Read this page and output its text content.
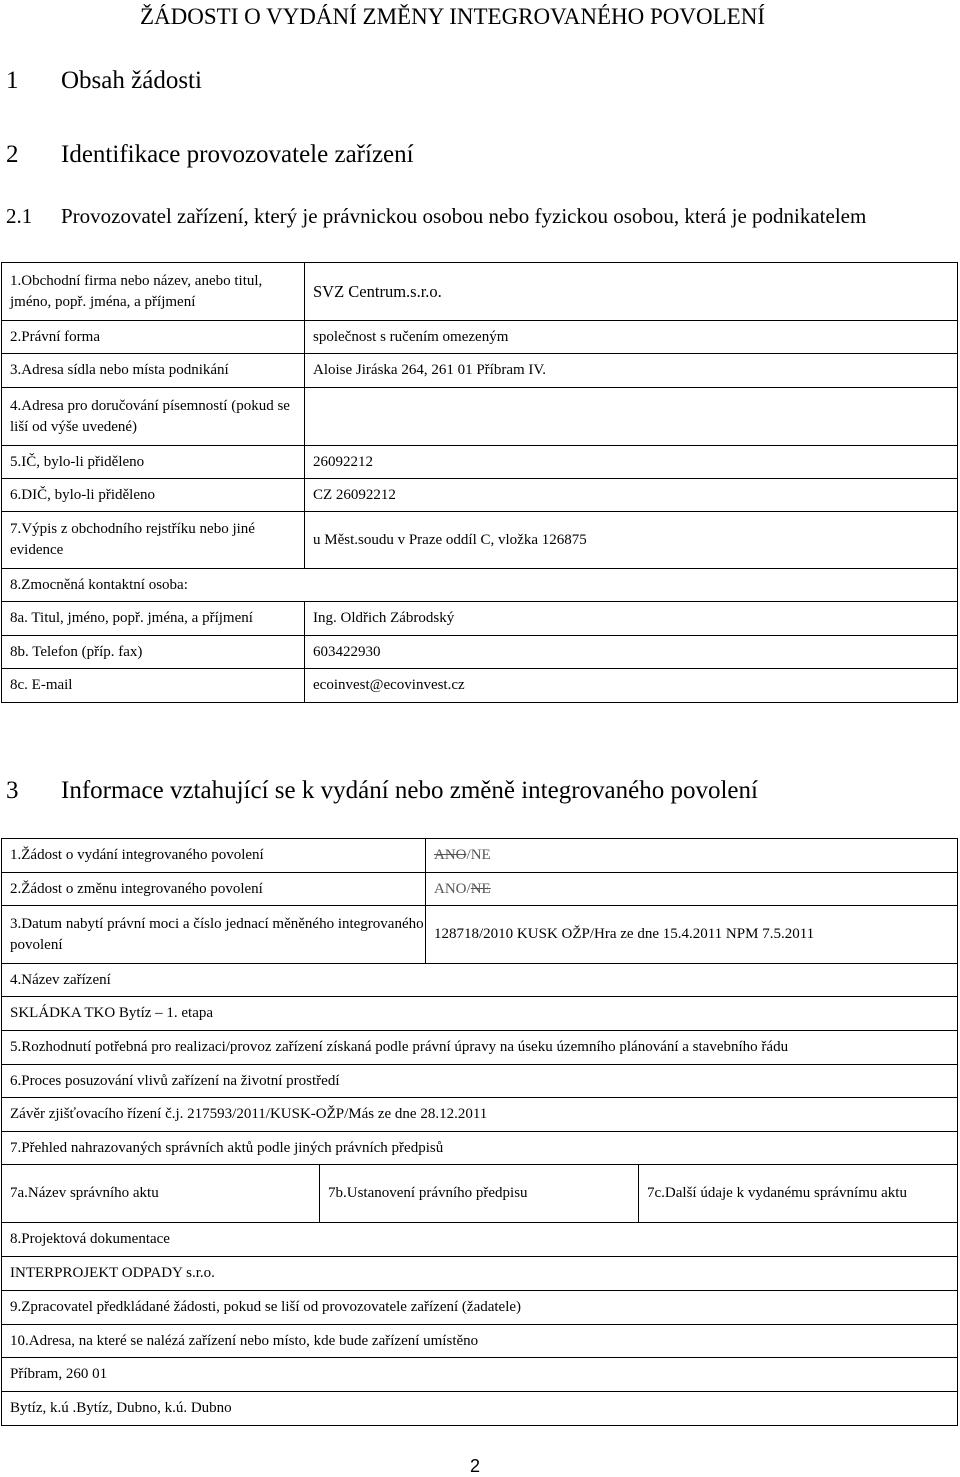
ŽÁDOSTI O VYDÁNÍ ZMĚNY INTEGROVANÉHO POVOLENÍ
1 Obsah žádosti
2 Identifikace provozovatele zařízení
2.1 Provozovatel zařízení, který je právnickou osobou nebo fyzickou osobou, která je podnikatelem
1.Obchodní firma nebo název, anebo titul, jméno, popř. jména, a příjmení	SVZ Centrum.s.r.o.
2.Právní forma	společnost s ručením omezeným
3.Adresa sídla nebo místa podnikání	Aloise Jiráska 264, 261 01 Příbram IV.
4.Adresa pro doručování písemností (pokud se liší od výše uvedené)	
5.IČ, bylo-li přiděleno	26092212
6.DIČ, bylo-li přiděleno	CZ 26092212
7.Výpis z obchodního rejstříku nebo jiné evidence	u Měst.soudu v Praze oddíl C, vložka 126875
8.Zmocněná kontaktní osoba:	
8a. Titul, jméno, popř. jména, a příjmení	Ing. Oldřich Zábrodský
8b. Telefon (příp. fax)	603422930
8c. E-mail	ecoinvest@ecovinvest.cz
3 Informace vztahující se k vydání nebo změně integrovaného povolení
1.Žádost o vydání integrovaného povolení		ANO/NE	
2.Žádost o změnu integrovaného povolení		ANO/NE	
3.Datum nabytí právní moci a číslo jednací měněného integrovaného povolení		128718/2010 KUSK OŽP/Hra ze dne 15.4.2011 NPM 7.5.2011	
4.Název zařízení			
SKLÁDKA TKO Bytíz – 1. etapa			
5.Rozhodnutí potřebná pro realizaci/provoz zařízení získaná podle právní úpravy na úseku územního plánování a stavebního řádu			
6.Proces posuzování vlivů zařízení na životní prostředí			
Závěr zjišťovacího řízení č.j. 217593/2011/KUSK-OŽP/Más ze dne 28.12.2011			
7.Přehled nahrazovaných správních aktů podle jiných právních předpisů			
7a.Název správního aktu	7b.Ustanovení právního předpisu		7c.Další údaje k vydanému správnímu aktu
8.Projektová dokumentace			
INTERPROJEKT ODPADY s.r.o.			
9.Zpracovatel předkládané žádosti, pokud se liší od provozovatele zařízení (žadatele)			
10.Adresa, na které se nalézá zařízení nebo místo, kde bude zařízení umístěno			
Příbram, 260 01			
Bytíz, k.ú .Bytíz, Dubno, k.ú. Dubno			
2
